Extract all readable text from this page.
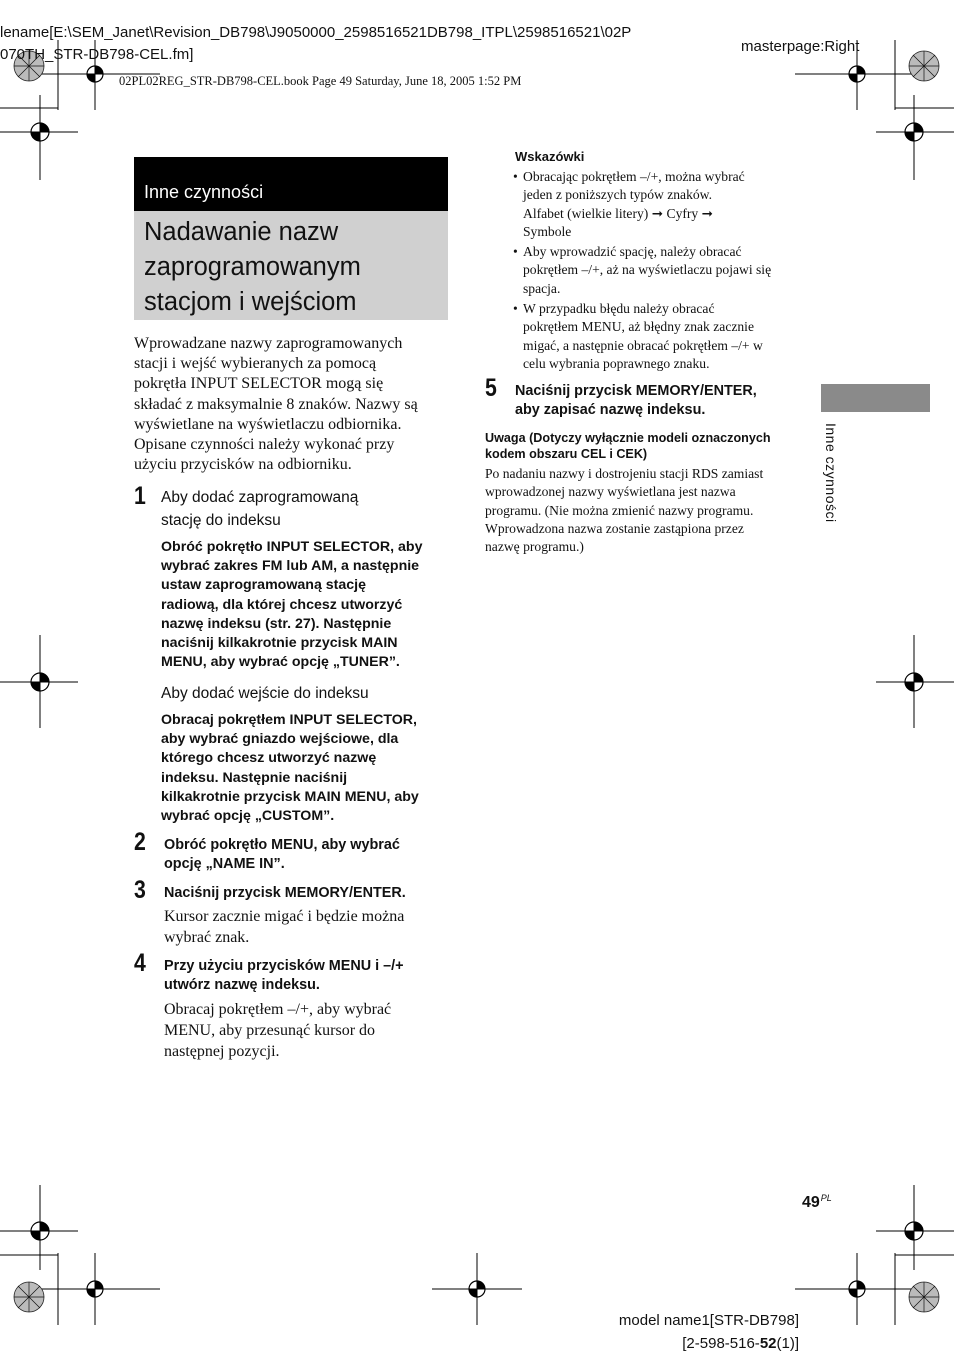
lename[E:\SEM_Janet\Revision_DB798\J9050000_2598516521DB798_ITPL\2598516521\02P
070TH_STR-DB798-CEL.fm]	masterpage:Right
02PL02REG_STR-DB798-CEL.book Page 49 Saturday, June 18, 2005 1:52 PM
Inne czynności
Nadawanie nazw
zaprogramowanym
stacjom i wejściom
Wprowadzane nazwy zaprogramowanych
stacji i wejść wybieranych za pomocą
pokrętła INPUT SELECTOR mogą się
składać z maksymalnie 8 znaków. Nazwy są
wyświetlane na wyświetlaczu odbiornika.
Opisane czynności należy wykonać przy
użyciu przycisków na odbiorniku.
1 Aby dodać zaprogramowaną
stację do indeksu
Obróć pokrętło INPUT SELECTOR, aby
wybrać zakres FM lub AM, a następnie
ustaw zaprogramowaną stację
radiową, dla której chcesz utworzyć
nazwę indeksu (str. 27). Następnie
naciśnij kilkakrotnie przycisk MAIN
MENU, aby wybrać opcję „TUNER”.
Aby dodać wejście do indeksu
Obracaj pokrętłem INPUT SELECTOR,
aby wybrać gniazdo wejściowe, dla
którego chcesz utworzyć nazwę
indeksu. Następnie naciśnij
kilkakrotnie przycisk MAIN MENU, aby
wybrać opcję „CUSTOM”.
2 Obróć pokrętło MENU, aby wybrać
opcję „NAME IN”.
3 Naciśnij przycisk MEMORY/ENTER.
Kursor zacznie migać i będzie można
wybrać znak.
4 Przy użyciu przycisków MENU i –/+
utwórz nazwę indeksu.
Obracaj pokrętłem –/+, aby wybrać
MENU, aby przesunąć kursor do
następnej pozycji.
Wskazówki
• Obracając pokrętłem –/+, można wybrać
jeden z poniższych typów znaków.
Alfabet (wielkie litery) ➞ Cyfry ➞
Symbole
• Aby wprowadzić spację, należy obracać
pokrętłem –/+, aż na wyświetlaczu pojawi się
spacja.
• W przypadku błędu należy obracać
pokrętłem MENU, aż błędny znak zacznie
migać, a następnie obracać pokrętłem –/+ w
celu wybrania poprawnego znaku.
5 Naciśnij przycisk MEMORY/ENTER,
aby zapisać nazwę indeksu.
Uwaga (Dotyczy wyłącznie modeli oznaczonych
kodem obszaru CEL i CEK)
Po nadaniu nazwy i dostrojeniu stacji RDS zamiast
wprowadzonej nazwy wyświetlana jest nazwa
programu. (Nie można zmienić nazwy programu.
Wprowadzona nazwa zostanie zastąpiona przez
nazwę programu.)
Inne czynności
$49^{PL}$
model name1[STR-DB798]
[2-598-516-52(1)]
